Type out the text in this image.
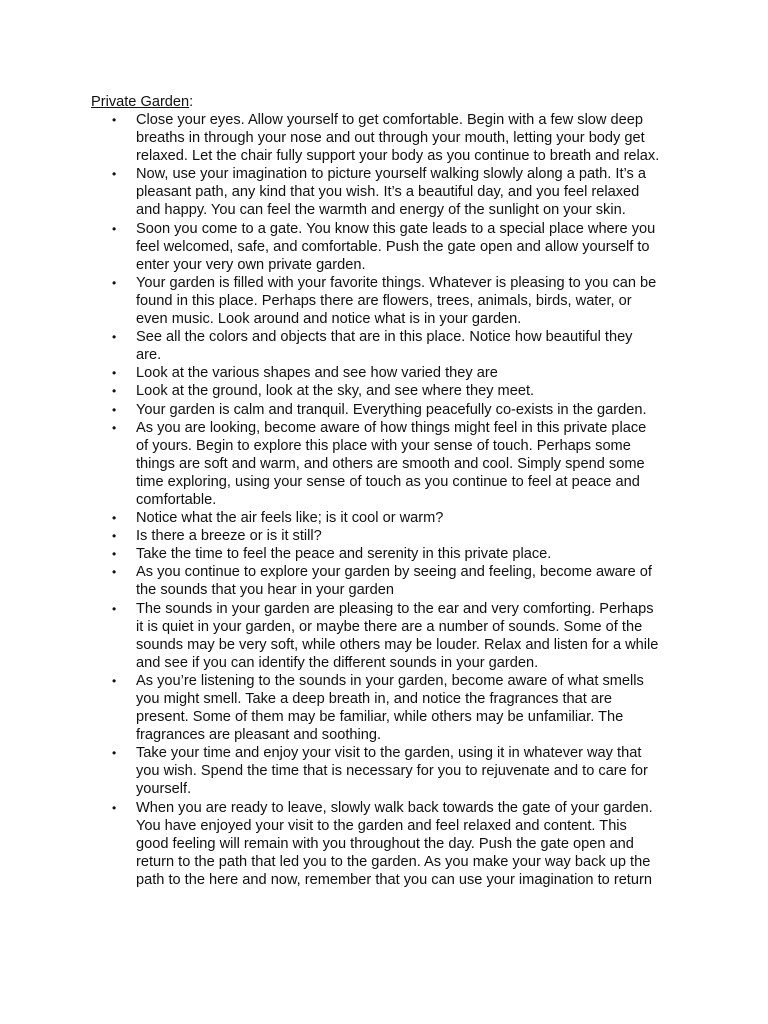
Private Garden:

•	Close your eyes. Allow yourself to get comfortable. Begin with a few slow deep
breaths in through your nose and out through your mouth, letting your body get
relaxed. Let the chair fully support your body as you continue to breath and relax.
•	Now, use your imagination to picture yourself walking slowly along a path. It’s a
pleasant path, any kind that you wish. It’s a beautiful day, and you feel relaxed
and happy. You can feel the warmth and energy of the sunlight on your skin.
•	Soon you come to a gate. You know this gate leads to a special place where you
feel welcomed, safe, and comfortable. Push the gate open and allow yourself to
enter your very own private garden.
•	Your garden is filled with your favorite things. Whatever is pleasing to you can be
found in this place. Perhaps there are flowers, trees, animals, birds, water, or
even music. Look around and notice what is in your garden.
•	See all the colors and objects that are in this place. Notice how beautiful they
are.
•	Look at the various shapes and see how varied they are
•	Look at the ground, look at the sky, and see where they meet.
•	Your garden is calm and tranquil. Everything peacefully co-exists in the garden.
•	As you are looking, become aware of how things might feel in this private place
of yours. Begin to explore this place with your sense of touch. Perhaps some
things are soft and warm, and others are smooth and cool. Simply spend some
time exploring, using your sense of touch as you continue to feel at peace and
comfortable.
•	Notice what the air feels like; is it cool or warm?
•	Is there a breeze or is it still?
•	Take the time to feel the peace and serenity in this private place.
•	As you continue to explore your garden by seeing and feeling, become aware of
the sounds that you hear in your garden
•	The sounds in your garden are pleasing to the ear and very comforting. Perhaps
it is quiet in your garden, or maybe there are a number of sounds. Some of the
sounds may be very soft, while others may be louder. Relax and listen for a while
and see if you can identify the different sounds in your garden.
•	As you’re listening to the sounds in your garden, become aware of what smells
you might smell. Take a deep breath in, and notice the fragrances that are
present. Some of them may be familiar, while others may be unfamiliar. The
fragrances are pleasant and soothing.
•	Take your time and enjoy your visit to the garden, using it in whatever way that
you wish. Spend the time that is necessary for you to rejuvenate and to care for
yourself.
•	When you are ready to leave, slowly walk back towards the gate of your garden.
You have enjoyed your visit to the garden and feel relaxed and content. This
good feeling will remain with you throughout the day. Push the gate open and
return to the path that led you to the garden. As you make your way back up the
path to the here and now, remember that you can use your imagination to return
